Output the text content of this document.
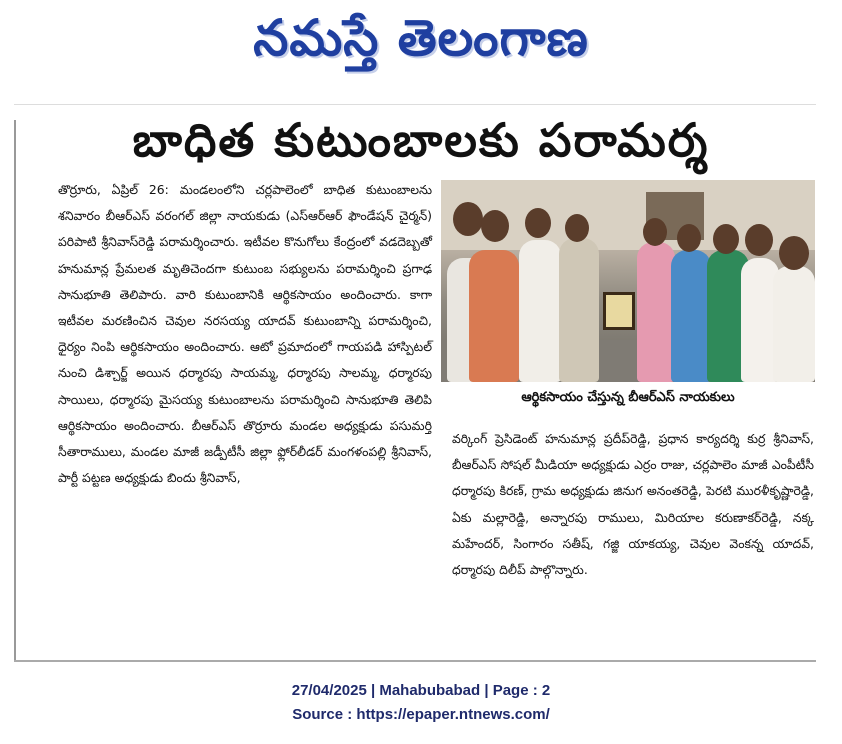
నమస్తే తెలంగాణ
బాధిత కుటుంబాలకు పరామర్శ
తొర్రూరు, ఏప్రిల్ 26: మండలంలోని చర్లపాలెంలో బాధిత కుటుంబాలను శనివారం బీఆర్ఎస్ వరంగల్ జిల్లా నాయకుడు (ఎస్ఆర్ఆర్ ఫౌండేషన్ చైర్మన్) పరిపాటి శ్రీనివాస్‌రెడ్డి పరామర్శించారు. ఇటీవల కొనుగోలు కేంద్రంలో వడదెబ్బతో హనుమాన్ల ప్రేమలత మృతిచెందగా కుటుంబ సభ్యులను పరామర్శించి ప్రగాఢ సానుభూతి తెలిపారు. వారి కుటుంబానికి ఆర్థికసాయం అందించారు. కాగా ఇటీవల మరణించిన చెవుల నరసయ్య యాదవ్ కుటుంబాన్ని పరామర్శించి, ధైర్యం నింపి ఆర్థికసాయం అందించారు. ఆటో ప్రమాదంలో గాయపడి హాస్పిటల్ నుంచి డిశ్చార్జ్ అయిన ధర్మారపు సాయమ్మ, ధర్మారపు సాలమ్మ, ధర్మారపు సాయిలు, ధర్మారపు మైసయ్య కుటుంబాలను పరామర్శించి సానుభూతి తెలిపి ఆర్థికసాయం అందించారు. బీఆర్ఎస్ తొర్రూరు మండల అధ్యక్షుడు పసుమర్తి సీతారాములు, మండల మాజీ జడ్పీటీసీ జిల్లా ఫ్లోర్‌లీడర్ మంగళంపల్లి శ్రీనివాస్, పార్టీ పట్టణ అధ్యక్షుడు బిందు శ్రీనివాస్,
ఆర్థికసాయం చేస్తున్న బీఆర్ఎస్ నాయకులు
వర్కింగ్ ప్రెసిడెంట్ హనుమాన్ల ప్రదీప్‌రెడ్డి, ప్రధాన కార్యదర్శి కుర్ర శ్రీనివాస్, బీఆర్ఎస్ సోషల్ మీడియా అధ్యక్షుడు ఎర్రం రాజు, చర్లపాలెం మాజీ ఎంపీటీసీ ధర్మారపు కిరణ్, గ్రామ అధ్యక్షుడు జినుగ అనంతరెడ్డి, పెరటి మురళీకృష్ణారెడ్డి, ఏకు మల్లారెడ్డి, అన్నారపు రాములు, మిరియాల కరుణాకర్‌రెడ్డి, నక్క మహేందర్, సింగారం సతీష్, గజ్జి యాకయ్య, చెవుల వెంకన్న యాదవ్, ధర్మారపు దిలీప్ పాల్గొన్నారు.
27/04/2025 | Mahabubabad | Page : 2
Source : https://epaper.ntnews.com/
